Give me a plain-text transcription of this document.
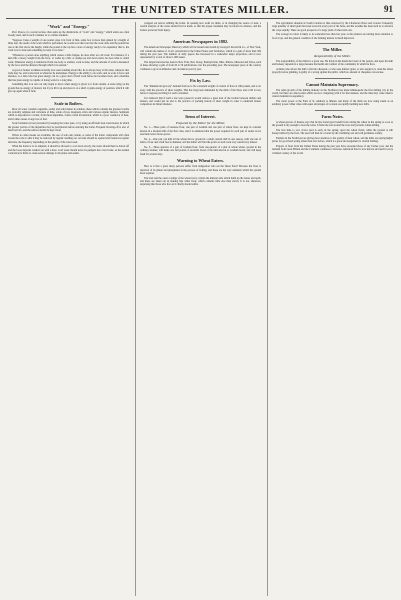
THE UNITED STATES MILLER.	91
"Work" and "Energy."

Prof. Preece, in a recent lecture, thus sums up the distinctions of "work" and "energy," which terms are often loosely used, and in such a manner as to confuse students.

"Suppose I take a weight of one pound, raise it in front of him, some foot is more than gained by a height of three feet, the result of the work which is performed, he would soon discover that the work done and the pound has one at the first above the height, while the pound at the top has a store of energy ready to be expended; that is, the work is now done and something is ready to be done."

"Whenever a person does anything which causes a little fatigue, he does what we call work. For instance, if a man lifts a heavy weight from the floor, or walks up a hill, or stamps up and down stairs, he does what is called work. Whenever energy is transferred from one body to another, work is done; and the amount of work is measured by the force and the distance through which it is exerted."

A good or honest workman is hardly ever seen standing about idle; he is always busy at his trade, whatever that trade may be, and works hard at whatever he undertakes. Energy is the ability to do work; and as work is force and distance, so a man who has great energy can do a great deal of hard work before he becomes tired, and a machine that has great energy is capable of doing work for a long time.

Something that is at rest can only begin to move when energy is given to it from outside. A stone lying on the ground has no energy of motion; but if you lift it up and place it on a shelf, it gains energy of position, which it will give up again when it falls.

Scale in Boilers.

Most all water contains vegetable, earthy and solid matter in solution, these which contains the greatest trouble are probably sulphate and carbonate of lime, oxide of iron, magnesia, silica and various organic matters. Sediment which is deposited in a boiler, from these impurities, forms a hard incrustation, which is a poor conductor of heat, and in time causes a large loss of fuel.

Scale formation is best prevented by keeping the water pure, or by using an efficient feed-water heater, in which the greater portion of the impurities may be precipitated before entering the boiler. Frequent blowing-off is also of much service, and the surface should be kept clean.

Where no other means are available, the use of soda ash, tannin, or some of the boiler compounds will often loosen the scale so that it may be removed by regular washing out. A boiler should be opened and cleaned at regular intervals, the frequency depending on the quality of the water used.

When the boiler is to be emptied, it should be allowed to cool down slowly; the water should then be drawn off and the loose deposits washed out with a hose. Cold water should never be pumped into a hot boiler, as the sudden contraction is liable to cause serious damage to the plates and seams.

wrapped out before refilling the boiler. In opening new wells for mills, or in changing the source of feed, a careful analysis of the water should first be made, so that the proper treatment may be known in advance, and the boilers protected from injury.

American Newspapers in 1882.

The American Newspaper Directory which will be issued next month by George P. Rowell & Co., of New York, will contain the names of 11,211 periodicals in the United States and Territories, which is a gain of more than 500 during the past year. The number of daily papers has increased in a somewhat larger proportion, and is now represented by a total of about 1,000 issues.

The largest increase has been in New York, New Jersey, Pennsylvania, Ohio, Illinois, Missouri and Texas, each of these showing a gain of from 20 to 50 publications over the preceding year. The newspaper press of the country continues to grow in influence and circulation year by year.

Fix by Law.

The "immemorial grocery" demand from us to fix a standard weight of a barrel of flour at 196 pounds, and to do away with the practice of short weights. This has long been demanded by the mills of the West, and a bill is now before Congress providing for such a standard.

It is believed that if such a law were passed it would remove a great deal of the trouble between millers and dealers, and would put an end to the practice of packing barrels of short weight in order to undersell honest competitors in distant markets.

Items of Interest.
Prepared by the Editor for the Miller.

No. 1.—Three pairs of Genesee flour, one pair of Graham and one pair of wheat flour, are kept in constant motion in a modern mill of the first class, and it is estimated that the power required for each pair of stones is not less than twelve horse-power.

No. 2.—One pair can mill all the wheat that is ground in a small custom mill in one season, with one run of buhrs of four and a half feet in diameter, and the miller will find the profit on such work very satisfactory indeed.

No. 3.—Three quarters of a pair of Graham flour, from one-quarter of a pint of whole wheat, ground in the ordinary manner, will make one full pound of excellent bread of the kind known as Graham bread, and will keep fresh for several days.

Warning to Wheat Eaters.

How is it that a great many persons suffer from indigestion who eat the finest flour? Because the flour is deprived of its gluten and phosphates in the process of bolting, and these are the very elements which the system most requires.

The bran and the outer coatings of the wheat berry contain the mineral salts which build up the bones and teeth, and these are taken out in making fine white flour, which contains little else than starch. It is not, therefore, surprising that those who live on it chiefly should suffer.

The agricultural situation in South Carolina is thus reviewed by the Charleston News and Courier: Unusually large quantity of small grain has been sowed in every part of the State, and the weather has been such as to advance the crops rapidly. There are good prospects of a large yield of wheat and oats.

The acreage in cotton is likely to be somewhat less than last year, as the planters are turning more attention to food crops, and the general condition of the farming interest is much improved.

The Miller.
Responsibility of the Miller.

The responsibility of the miller is a great one. He holds in his hands the bread of the people, and upon his skill and honesty depends in a large measure the health and comfort of the community in which he lives.

A miller who allows his mill to fall into disrepair, or who uses inferior grain, or who neglects to clean his wheat properly before grinding, is guilty of a wrong against the public, which no amount of cheapness can excuse.

Cannot Maintain Supremacy.

The rapid growth of the milling industry in the Northwest has made Minneapolis the first milling city in the world, but there are other points which are now competing with it for the business, and the time may come when it cannot maintain its supremacy.

The water power at the Falls of St. Anthony is limited, and many of the mills are now using steam as an auxiliary power. Other cities with equal advantages of location are rapidly building new mills.

Farm Notes.

A wheat-grower of Kansas says that he has found great benefit from rolling his wheat in the spring as soon as the ground is dry enough to bear the roller. It firms the soil around the roots and prevents winter-killing.

The best time to sow clover seed is early in the spring, upon the wheat fields, while the ground is still honeycombed by the frost. The seed will then be covered by the crumbling soil and will germinate readily.

Farmers in the Northwest are giving more attention to the quality of their wheat, and the mills are paying higher prices for good hard spring wheat than ever before, which is a great encouragement to careful farming.

Exports of flour from the United States during the past year have exceeded those of any former year, and the demand from Great Britain and the Continent continues to increase. American flour is now known and used in every civilized country of the world.
